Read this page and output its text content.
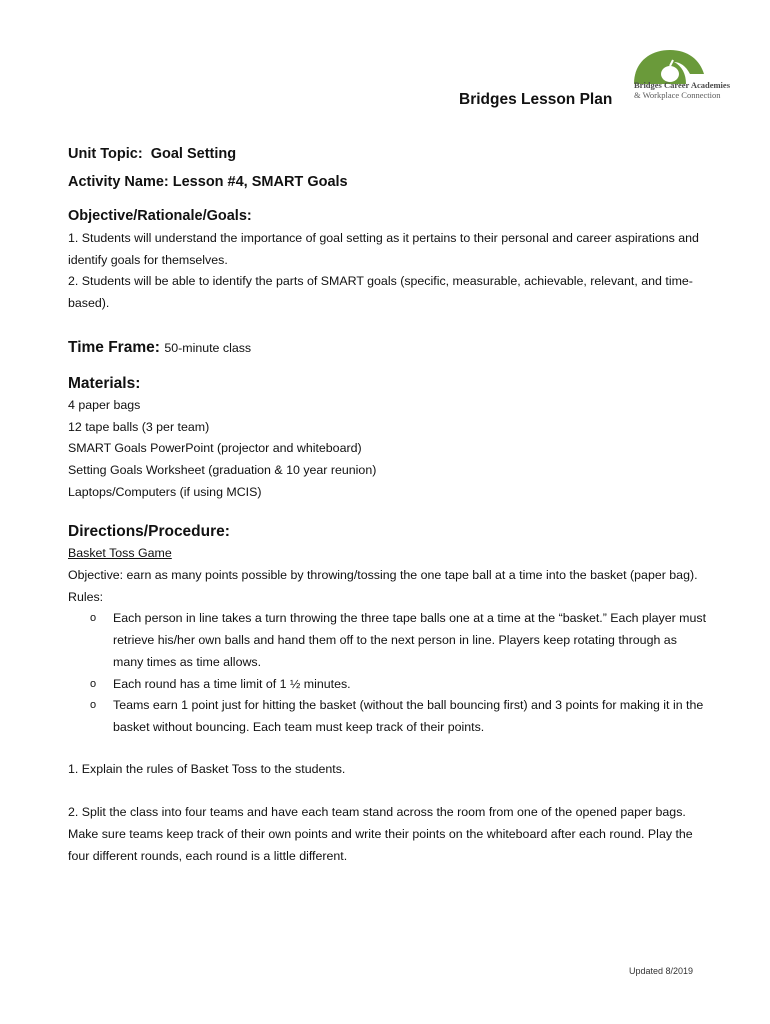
Bridges Career Academies
& Workplace Connection
Bridges Lesson Plan
Unit Topic:  Goal Setting
Activity Name: Lesson #4, SMART Goals
Objective/Rationale/Goals:

1. Students will understand the importance of goal setting as it pertains to their personal and career aspirations and identify goals for themselves.

2. Students will be able to identify the parts of SMART goals (specific, measurable, achievable, relevant, and time-based).

Time Frame: 50-minute class
Materials:

4 paper bags

12 tape balls (3 per team)

SMART Goals PowerPoint (projector and whiteboard)

Setting Goals Worksheet (graduation & 10 year reunion)

Laptops/Computers (if using MCIS)

Directions/Procedure:

Basket Toss Game

Objective: earn as many points possible by throwing/tossing the one tape ball at a time into the basket (paper bag).

Rules:

o Each person in line takes a turn throwing the three tape balls one at a time at the “basket.” Each player must retrieve his/her own balls and hand them off to the next person in line. Players keep rotating through as many times as time allows.
o Each round has a time limit of 1 ½ minutes.
o Teams earn 1 point just for hitting the basket (without the ball bouncing first) and 3 points for making it in the basket without bouncing. Each team must keep track of their points.

1. Explain the rules of Basket Toss to the students.

2. Split the class into four teams and have each team stand across the room from one of the opened paper bags. Make sure teams keep track of their own points and write their points on the whiteboard after each round. Play the four different rounds, each round is a little different.

Updated 8/2019
